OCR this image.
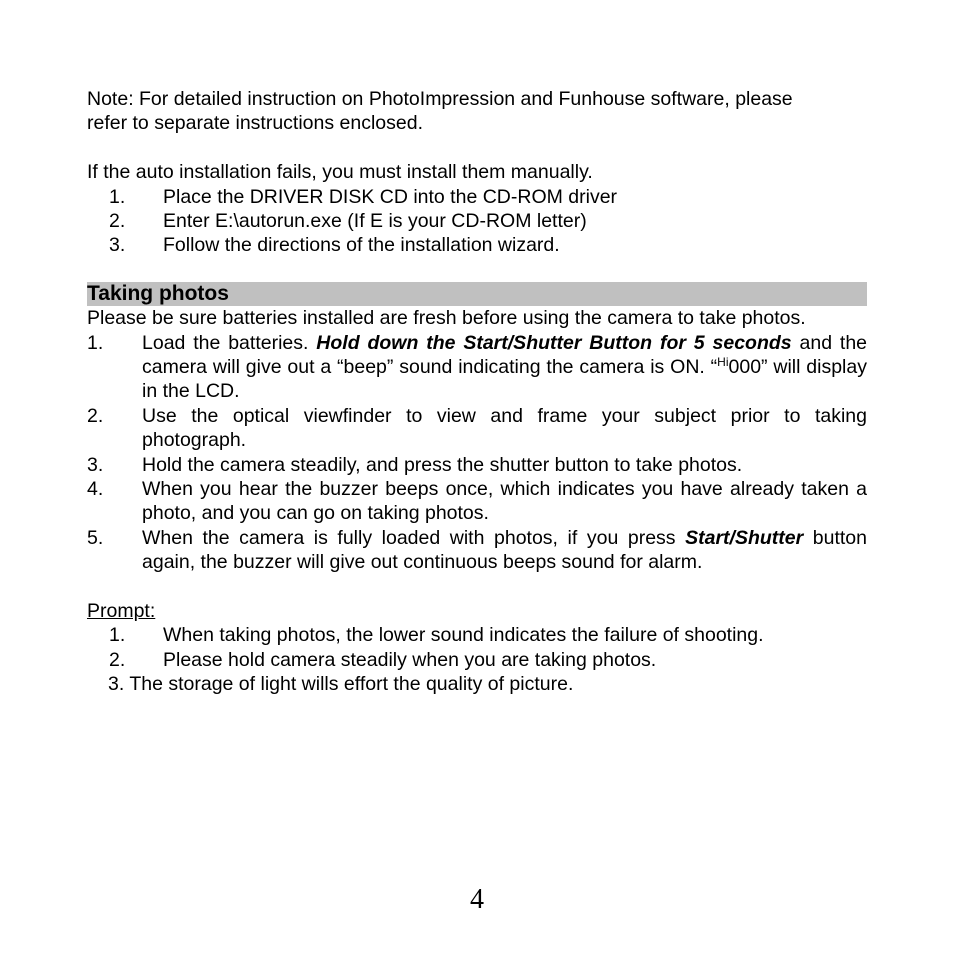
Note: For detailed instruction on PhotoImpression and Funhouse software, please

refer to separate instructions enclosed.

If the auto installation fails, you must install them manually.

1. Place the DRIVER DISK CD into the CD-ROM driver
2. Enter E:\autorun.exe (If E is your CD-ROM letter)
3. Follow the directions of the installation wizard.
Taking photos

Please be sure batteries installed are fresh before using the camera to take photos.

1. Load the batteries. Hold down the Start/Shutter Button for 5 seconds and the camera will give out a “beep” sound indicating the camera is ON. “$^{Hi}$000” will display in the LCD.
2. Use the optical viewfinder to view and frame your subject prior to taking photograph.
3. Hold the camera steadily, and press the shutter button to take photos.
4. When you hear the buzzer beeps once, which indicates you have already taken a photo, and you can go on taking photos.
5. When the camera is fully loaded with photos, if you press Start/Shutter button again, the buzzer will give out continuous beeps sound for alarm.

Prompt:

1. When taking photos, the lower sound indicates the failure of shooting.
2. Please hold camera steadily when you are taking photos.

3. The storage of light wills effort the quality of picture.

4
